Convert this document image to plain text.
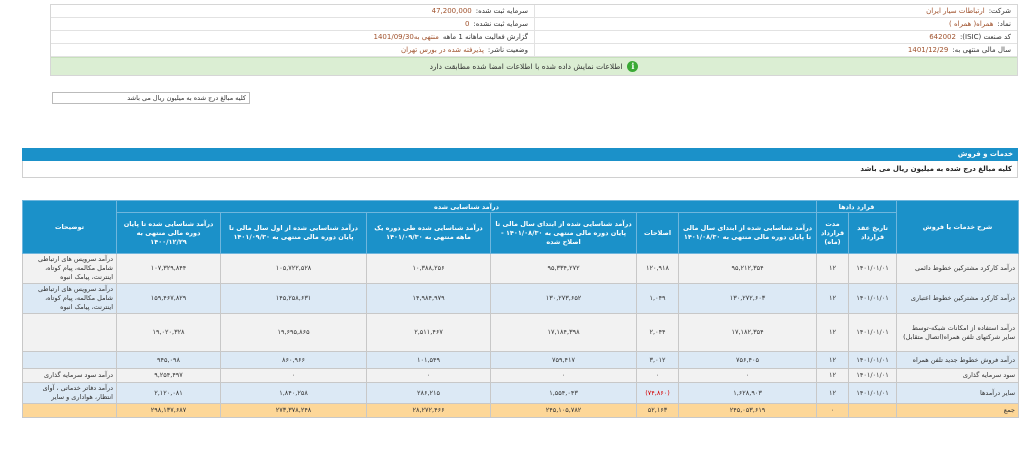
شرکت:
ارتباطات سیار ایران
سرمایه ثبت شده:
47,200,000
نماد:
همراه( همراه )
سرمایه ثبت نشده:
0
کد صنعت (ISIC):
642002
گزارش فعالیت ماهانه 1 ماهه
منتهی به1401/09/30
سال مالی منتهی به:
1401/12/29
وضعیت ناشر:
پذیرفته شده در بورس تهران
i
اطلاعات نمایش داده شده با اطلاعات امضا شده مطابقت دارد
کلیه مبالغ درج شده به میلیون ریال می باشد
خدمات و فروش
کلیه مبالغ درج شده به میلیون ریال می باشد
شرح خدمات یا فروش	قرارد دادها		درآمد شناسایی شده						توضیحات
	تاریخ عقد قرارداد	مدت قرارداد (ماه)	درآمد شناسایی شده از ابتدای سال مالی تا پایان دوره مالی منتهی به ۱۴۰۱/۰۸/۳۰	اصلاحات	درآمد شناسایی شده از ابتدای سال مالی تا پایان دوره مالی منتهی به ۱۴۰۱/۰۸/۳۰ - اصلاح شده	درآمد شناسایی شده طی دوره یک ماهه منتهی به ۱۴۰۱/۰۹/۳۰	درآمد شناسایی شده از اول سال مالی تا پایان دوره مالی منتهی به ۱۴۰۱/۰۹/۳۰	درآمد شناسایی شده تا پایان دوره مالی منتهی به ۱۴۰۰/۱۲/۲۹	
درآمد کارکرد مشترکین خطوط دائمی	۱۴۰۱/۰۱/۰۱	۱۲	۹۵,۲۱۲,۳۵۴	۱۲۰,۹۱۸	۹۵,۳۳۴,۲۷۲	۱۰,۳۸۸,۲۵۶	۱۰۵,۷۲۲,۵۲۸	۱۰۷,۳۲۹,۸۴۴	درآمد سرویس های ارتباطی شامل مکالمه، پیام کوتاه، اینترنت، پیامک انبوه
درآمد کارکرد مشترکین خطوط اعتباری	۱۴۰۱/۰۱/۰۱	۱۲	۱۳۰,۲۷۲,۶۰۳	۱,۰۴۹	۱۳۰,۲۷۳,۶۵۲	۱۴,۹۸۴,۹۷۹	۱۴۵,۲۵۸,۶۳۱	۱۵۹,۴۶۷,۸۲۹	درآمد سرویس های ارتباطی شامل مکالمه، پیام کوتاه، اینترنت، پیامک انبوه
درآمد استفاده از امکانات شبکه-توسط سایر شرکتهای تلفن همراه(اتصال متقابل)	۱۴۰۱/۰۱/۰۱	۱۲	۱۷,۱۸۲,۳۵۴	۲,۰۴۴	۱۷,۱۸۴,۳۹۸	۲,۵۱۱,۴۶۷	۱۹,۶۹۵,۸۶۵	۱۹,۰۲۰,۳۲۸	
درآمد فروش خطوط جدید تلفن همراه	۱۴۰۱/۰۱/۰۱	۱۲	۷۵۶,۴۰۵	۳,۰۱۲	۷۵۹,۴۱۷	۱۰۱,۵۴۹	۸۶۰,۹۶۶	۹۴۵,۰۹۸	
سود سرمایه گذاری	۱۴۰۱/۰۱/۰۱	۱۲	۰	۰	۰	۰	۰	۹,۲۵۴,۴۹۷	درآمد سود سرمایه گذاری
سایر درآمدها	۱۴۰۱/۰۱/۰۱	۱۲	۱,۶۲۸,۹۰۳	(۷۴,۸۶۰)	۱,۵۵۴,۰۴۳	۲۸۶,۲۱۵	۱,۸۴۰,۲۵۸	۲,۱۲۰,۰۸۱	درآمد دفاتر خدماتی ، آوای انتظار، هواداری و سایر
جمع		۰	۲۴۵,۰۵۳,۶۱۹	۵۲,۱۶۳	۲۴۵,۱۰۵,۷۸۲	۲۸,۲۷۲,۴۶۶	۲۷۳,۳۷۸,۲۴۸	۲۹۸,۱۳۷,۶۸۷	
